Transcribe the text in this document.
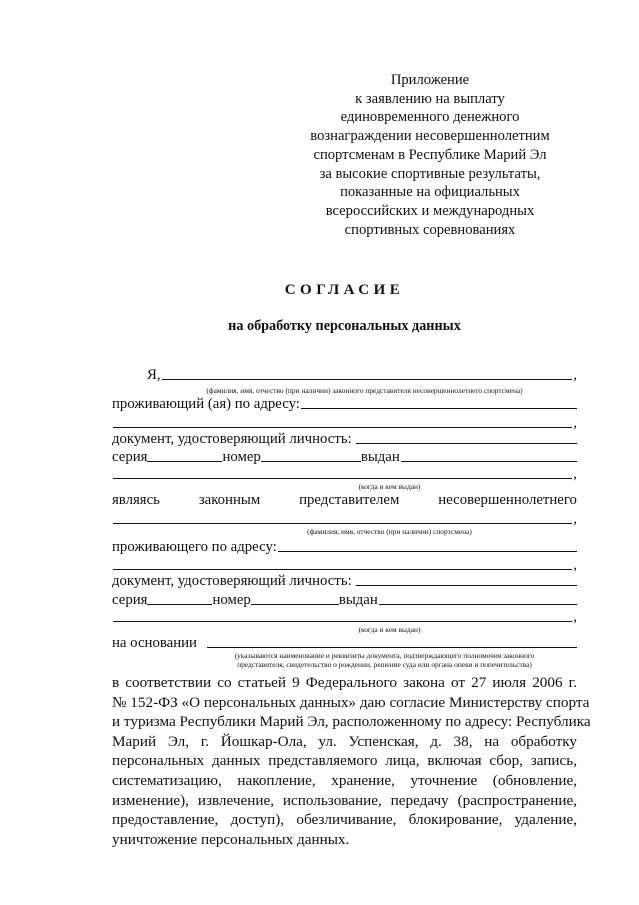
Приложение
к заявлению на выплату
единовременного денежного
вознаграждении несовершеннолетним
спортсменам в Республике Марий Эл
за высокие спортивные результаты,
показанные на официальных
всероссийских и международных
спортивных соревнованиях
СОГЛАСИЕ
на обработку персональных данных
Я,	,
(фамилия, имя, отчество (при наличии) законного представителя несовершеннолетнего спортсмена)
проживающий (ая) по адресу:
,
документ, удостоверяющий личность:
серия	номер	выдан
,
(когда и кем выдан)
являясь	законным	представителем	несовершеннолетнего
,
(фамилия, имя, отчество (при наличии) спортсмена)
проживающего по адресу:
,
документ, удостоверяющий личность:
серия	номер	выдан
,
(когда и кем выдан)
на основании
(указываются наименование и реквизиты документа, подтверждающего полномочия законного
представителя, свидетельство о рождении, решение суда или органа опеки и попечительства)
в соответствии со статьей 9 Федерального закона от 27 июля 2006 г.
№ 152-ФЗ «О персональных данных» даю согласие Министерству спорта
и туризма Республики Марий Эл, расположенному по адресу: Республика
Марий Эл, г. Йошкар-Ола, ул. Успенская, д. 38, на обработку
персональных данных представляемого лица, включая сбор, запись,
систематизацию, накопление, хранение, уточнение (обновление,
изменение), извлечение, использование, передачу (распространение,
предоставление, доступ), обезличивание, блокирование, удаление,
уничтожение персональных данных.
